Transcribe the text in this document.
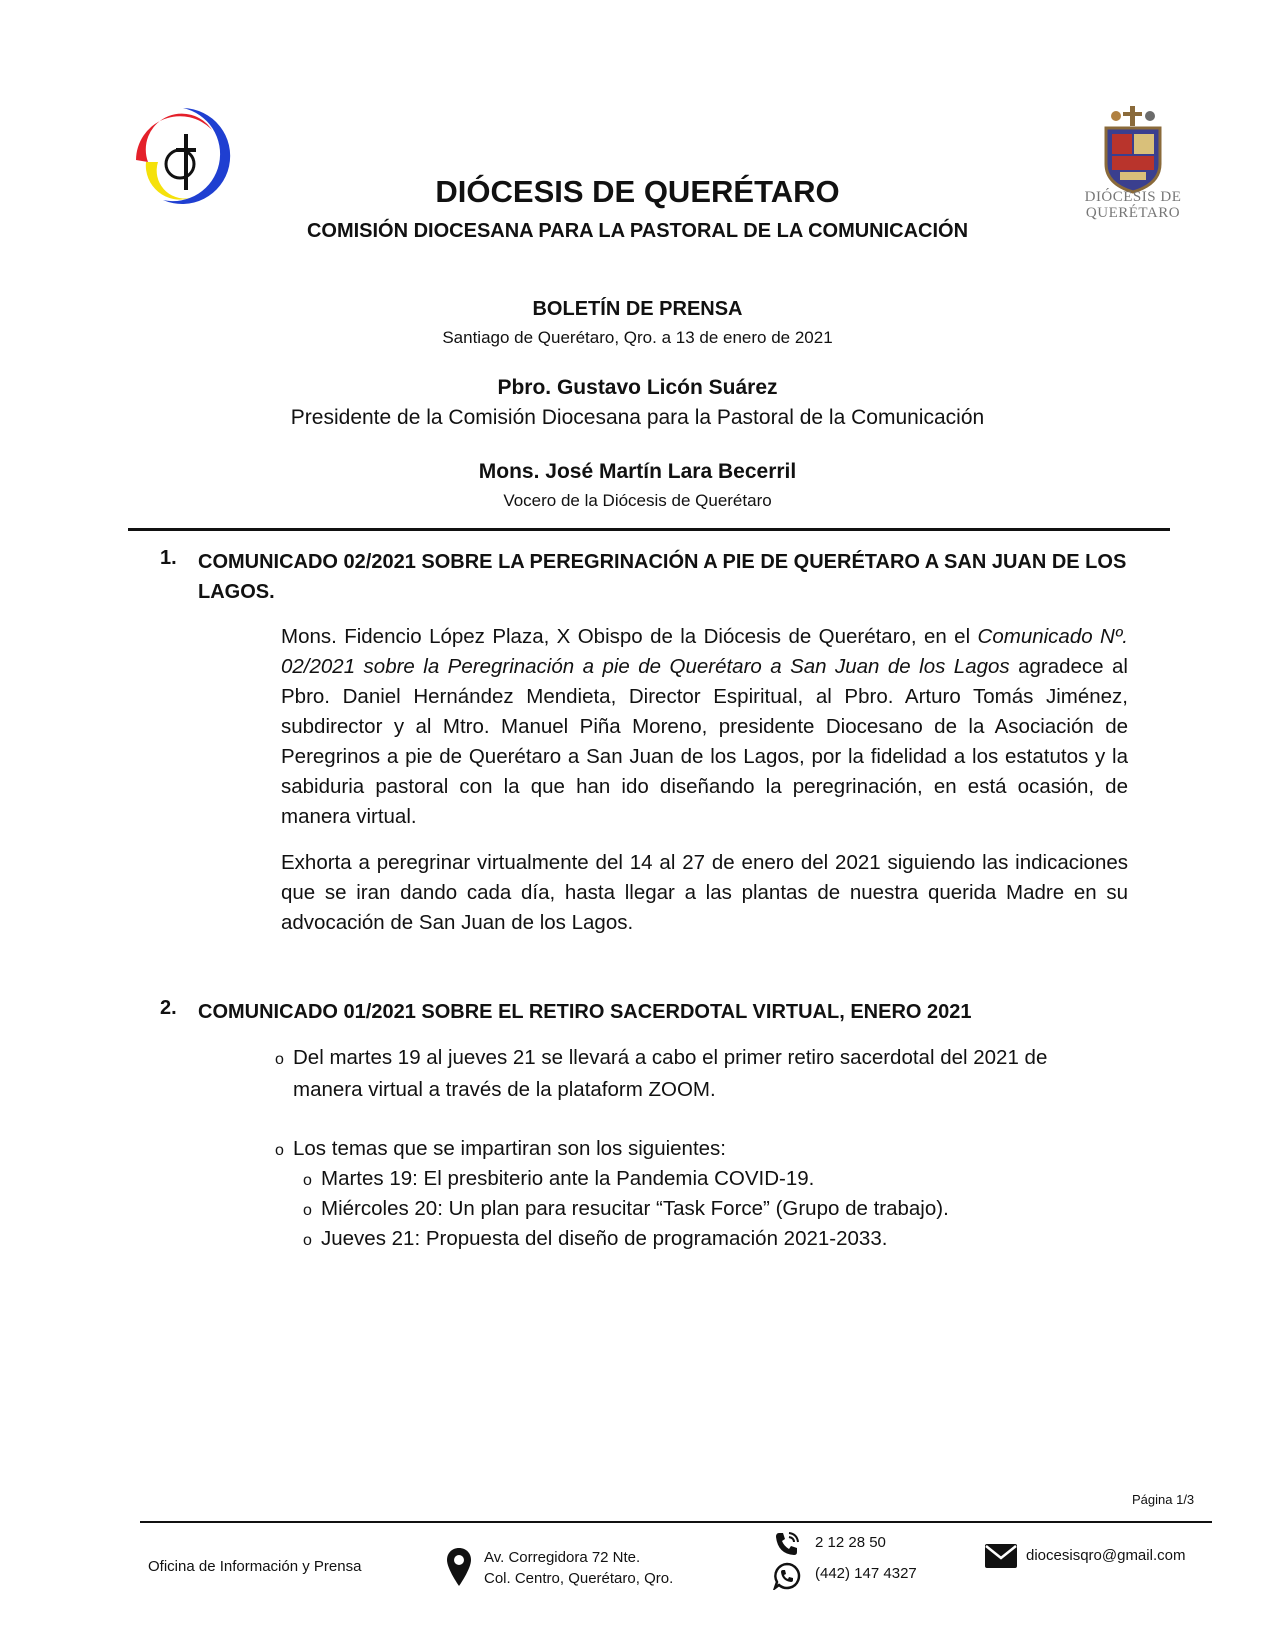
DIÓCESIS DE
QUERÉTARO
DIÓCESIS DE QUERÉTARO
COMISIÓN DIOCESANA PARA LA PASTORAL DE LA COMUNICACIÓN
BOLETÍN DE PRENSA
Santiago de Querétaro, Qro. a 13 de enero de 2021
Pbro. Gustavo Licón Suárez
Presidente de la Comisión Diocesana para la Pastoral de la Comunicación
Mons. José Martín Lara Becerril
Vocero de la Diócesis de Querétaro
1. COMUNICADO 02/2021 SOBRE LA PEREGRINACIÓN A PIE DE QUERÉTARO A SAN JUAN DE LOS LAGOS.
Mons. Fidencio López Plaza, X Obispo de la Diócesis de Querétaro, en el Comunicado Nº. 02/2021 sobre la Peregrinación a pie de Querétaro a San Juan de los Lagos agradece al Pbro. Daniel Hernández Mendieta, Director Espiritual, al Pbro. Arturo Tomás Jiménez, subdirector y al Mtro. Manuel Piña Moreno, presidente Diocesano de la Asociación de Peregrinos a pie de Querétaro a San Juan de los Lagos, por la fidelidad a los estatutos y la sabiduria pastoral con la que han ido diseñando la peregrinación, en está ocasión, de manera virtual.
Exhorta a peregrinar virtualmente del 14 al 27 de enero del 2021 siguiendo las indicaciones que se iran dando cada día, hasta llegar a las plantas de nuestra querida Madre en su advocación de San Juan de los Lagos.
2. COMUNICADO 01/2021 SOBRE EL RETIRO SACERDOTAL VIRTUAL, ENERO 2021
o Del martes 19 al jueves 21 se llevará a cabo el primer retiro sacerdotal del 2021 de
manera virtual a través de la plataform ZOOM.
o Los temas que se impartiran son los siguientes:
o Martes 19: El presbiterio ante la Pandemia COVID-19.
o Miércoles 20: Un plan para resucitar “Task Force” (Grupo de trabajo).
o Jueves 21: Propuesta del diseño de programación 2021-2033.
Página 1/3
Oficina de Información y Prensa
Av. Corregidora 72 Nte.
Col. Centro, Querétaro, Qro.
2 12 28 50
(442) 147 4327
diocesisqro@gmail.com
